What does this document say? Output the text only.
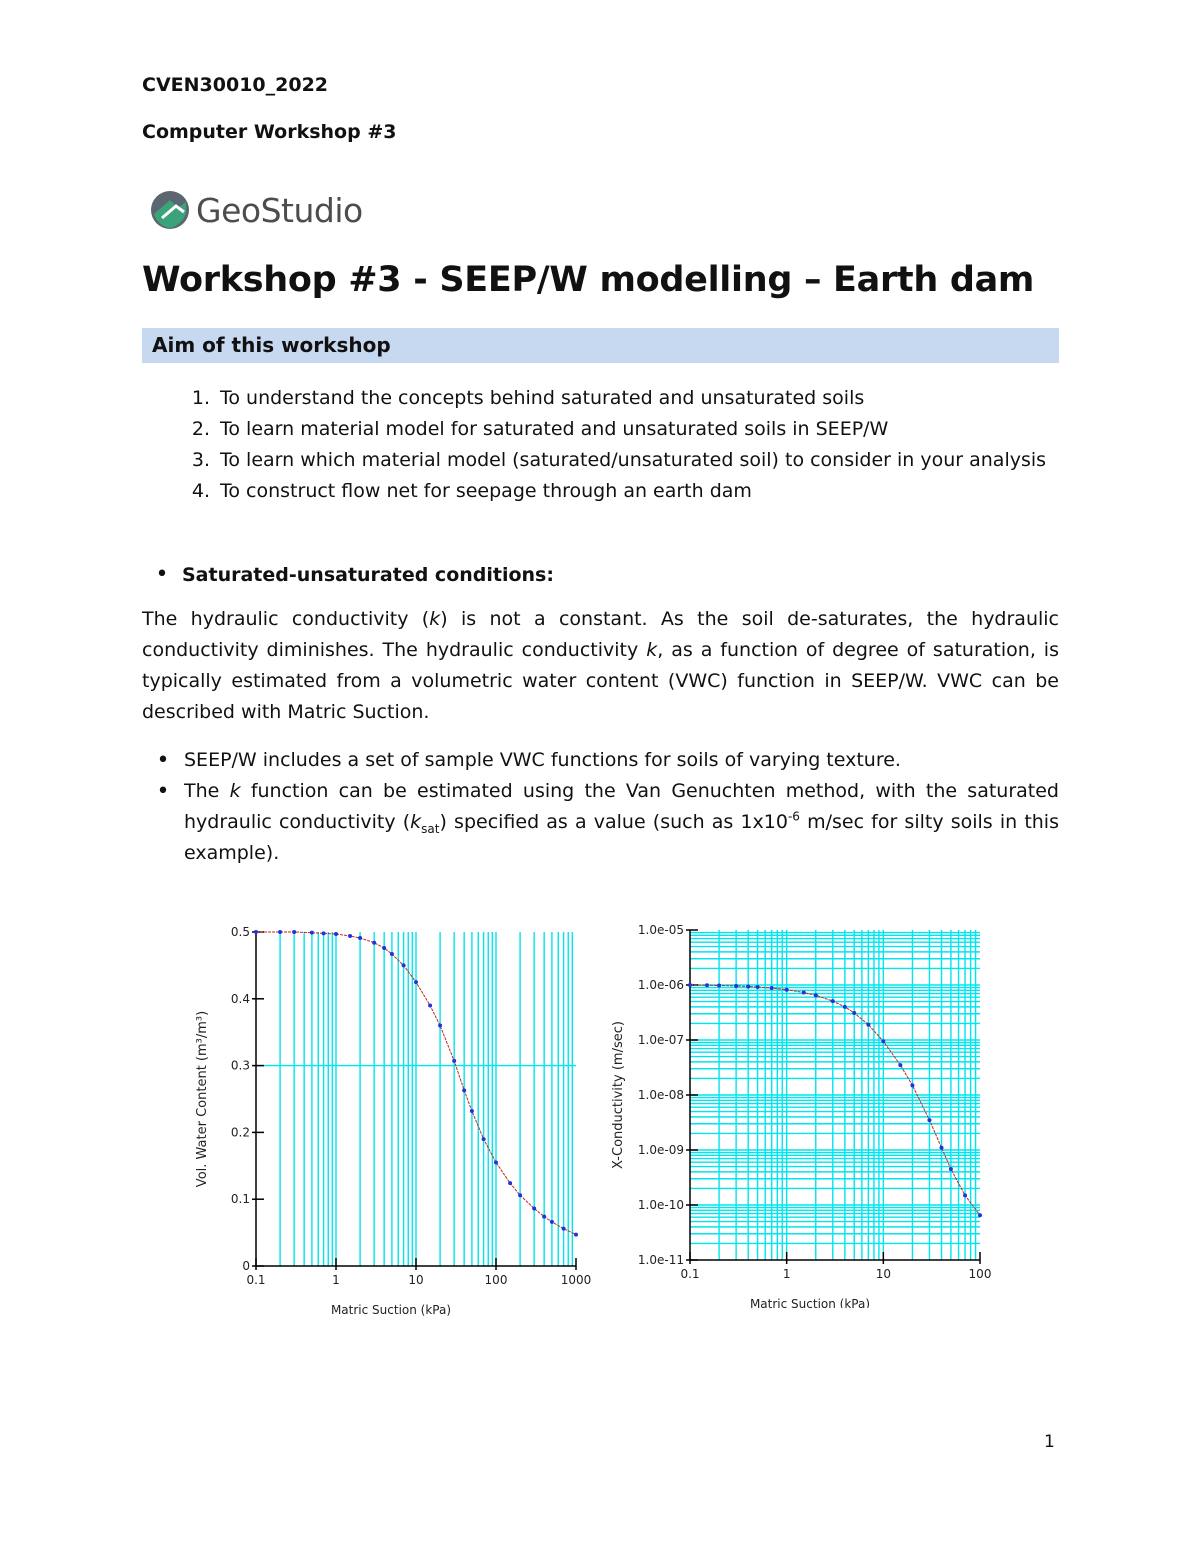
CVEN30010_2022
Computer Workshop #3
GeoStudio
Workshop #3 - SEEP/W modelling – Earth dam
Aim of this workshop
1. To understand the concepts behind saturated and unsaturated soils
2. To learn material model for saturated and unsaturated soils in SEEP/W
3. To learn which material model (saturated/unsaturated soil) to consider in your analysis
4. To construct flow net for seepage through an earth dam
• Saturated-unsaturated conditions:
The hydraulic conductivity (k) is not a constant. As the soil de-saturates, the hydraulic conductivity diminishes. The hydraulic conductivity k, as a function of degree of saturation, is typically estimated from a volumetric water content (VWC) function in SEEP/W. VWC can be described with Matric Suction.
• SEEP/W includes a set of sample VWC functions for soils of varying texture.
• The k function can be estimated using the Van Genuchten method, with the saturated hydraulic conductivity $(k_{sat})$ specified as a value (such as $1x10^{-6}$ m/sec for silty soils in this example).
0.1	1	10	100	1000
0
0.1
0.2
0.3
0.4
0.5
Matric Suction (kPa)
Vol. Water Content (m³/m³)
0.1	1	10	100
1.0e-11
1.0e-10
1.0e-09
1.0e-08
1.0e-07
1.0e-06
1.0e-05
Matric Suction (kPa)
X-Conductivity (m/sec)
1
